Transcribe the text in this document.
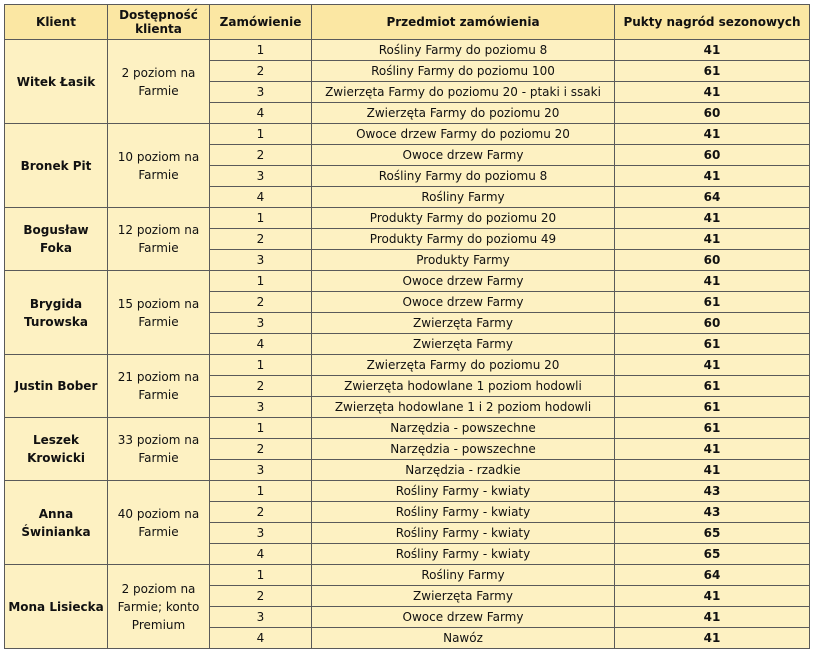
Klient	Dostępność klienta	Zamówienie	Przedmiot zamówienia	Pukty nagród sezonowych
Witek Łasik	2 poziom na Farmie	1	Rośliny Farmy do poziomu 8	41
		2	Rośliny Farmy do poziomu 100	61
		3	Zwierzęta Farmy do poziomu 20 - ptaki i ssaki	41
		4	Zwierzęta Farmy do poziomu 20	60
Bronek Pit	10 poziom na Farmie	1	Owoce drzew Farmy do poziomu 20	41
		2	Owoce drzew Farmy	60
		3	Rośliny Farmy do poziomu 8	41
		4	Rośliny Farmy	64
Bogusław Foka	12 poziom na Farmie	1	Produkty Farmy do poziomu 20	41
		2	Produkty Farmy do poziomu 49	41
		3	Produkty Farmy	60
Brygida Turowska	15 poziom na Farmie	1	Owoce drzew Farmy	41
		2	Owoce drzew Farmy	61
		3	Zwierzęta Farmy	60
		4	Zwierzęta Farmy	61
Justin Bober	21 poziom na Farmie	1	Zwierzęta Farmy do poziomu 20	41
		2	Zwierzęta hodowlane 1 poziom hodowli	61
		3	Zwierzęta hodowlane 1 i 2 poziom hodowli	61
Leszek Krowicki	33 poziom na Farmie	1	Narzędzia - powszechne	61
		2	Narzędzia - powszechne	41
		3	Narzędzia - rzadkie	41
Anna Świnianka	40 poziom na Farmie	1	Rośliny Farmy - kwiaty	43
		2	Rośliny Farmy - kwiaty	43
		3	Rośliny Farmy - kwiaty	65
		4	Rośliny Farmy - kwiaty	65
Mona Lisiecka	2 poziom na Farmie; konto Premium	1	Rośliny Farmy	64
		2	Zwierzęta Farmy	41
		3	Owoce drzew Farmy	41
		4	Nawóz	41
